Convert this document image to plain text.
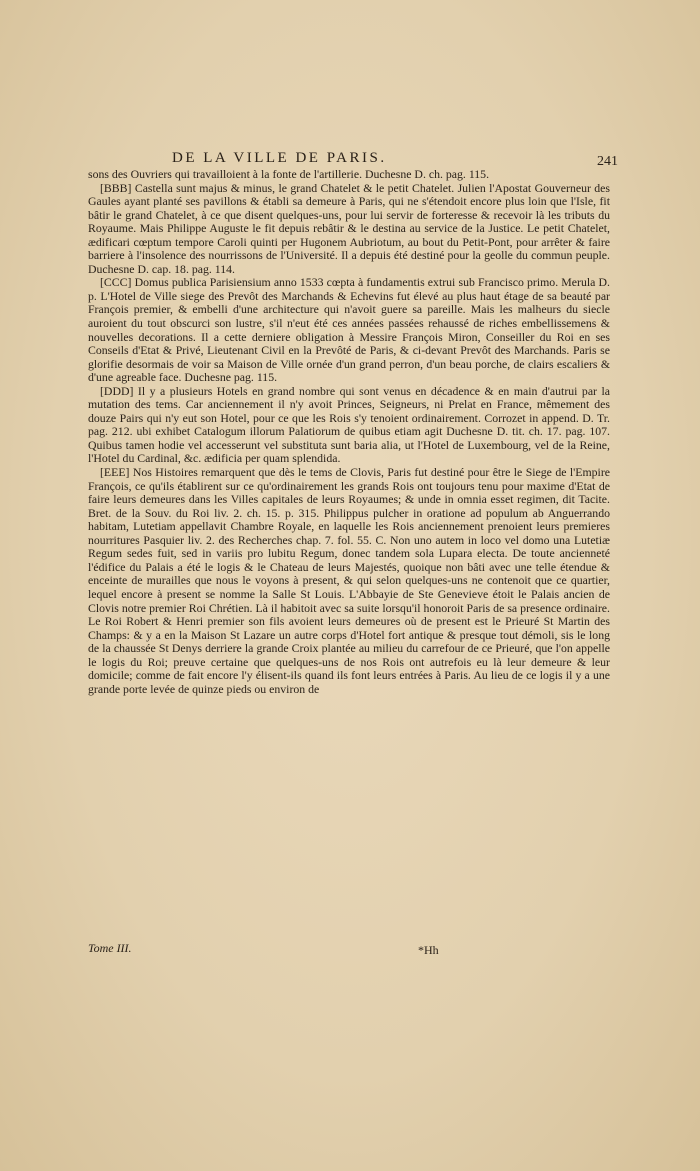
DE LA VILLE DE PARIS.	241

sons des Ouvriers qui travailloient à la fonte de l'artillerie. Duchesne D. ch. pag. 115.

[BBB] Castella sunt majus & minus, le grand Chatelet & le petit Chatelet. Julien l'Apostat Gouverneur des Gaules ayant planté ses pavillons & établi sa demeure à Paris, qui ne s'étendoit encore plus loin que l'Isle, fit bâtir le grand Chatelet, à ce que disent quelques-uns, pour lui servir de forteresse & recevoir là les tributs du Royaume. Mais Philippe Auguste le fit depuis rebâtir & le destina au service de la Justice. Le petit Chatelet, ædificari cœptum tempore Caroli quinti per Hugonem Aubriotum, au bout du Petit-Pont, pour arrêter & faire barriere à l'insolence des nourrissons de l'Université. Il a depuis été destiné pour la geolle du commun peuple. Duchesne D. cap. 18. pag. 114.

[CCC] Domus publica Parisiensium anno 1533 cœpta à fundamentis extrui sub Francisco primo. Merula D. p. L'Hotel de Ville siege des Prevôt des Marchands & Echevins fut élevé au plus haut étage de sa beauté par François premier, & embelli d'une architecture qui n'avoit guere sa pareille. Mais les malheurs du siecle auroient du tout obscurci son lustre, s'il n'eut été ces années passées rehaussé de riches embellissemens & nouvelles decorations. Il a cette derniere obligation à Messire François Miron, Conseiller du Roi en ses Conseils d'Etat & Privé, Lieutenant Civil en la Prevôté de Paris, & ci-devant Prevôt des Marchands. Paris se glorifie desormais de voir sa Maison de Ville ornée d'un grand perron, d'un beau porche, de clairs escaliers & d'une agreable face. Duchesne pag. 115.

[DDD] Il y a plusieurs Hotels en grand nombre qui sont venus en décadence & en main d'autrui par la mutation des tems. Car anciennement il n'y avoit Princes, Seigneurs, ni Prelat en France, mêmement des douze Pairs qui n'y eut son Hotel, pour ce que les Rois s'y tenoient ordinairement. Corrozet in append. D. Tr. pag. 212. ubi exhibet Catalogum illorum Palatiorum de quibus etiam agit Duchesne D. tit. ch. 17. pag. 107. Quibus tamen hodie vel accesserunt vel substituta sunt baria alia, ut l'Hotel de Luxembourg, vel de la Reine, l'Hotel du Cardinal, &c. ædificia per quam splendida.

[EEE] Nos Histoires remarquent que dès le tems de Clovis, Paris fut destiné pour être le Siege de l'Empire François, ce qu'ils établirent sur ce qu'ordinairement les grands Rois ont toujours tenu pour maxime d'Etat de faire leurs demeures dans les Villes capitales de leurs Royaumes; & unde in omnia esset regimen, dit Tacite. Bret. de la Souv. du Roi liv. 2. ch. 15. p. 315. Philippus pulcher in oratione ad populum ab Anguerrando habitam, Lutetiam appellavit Chambre Royale, en laquelle les Rois anciennement prenoient leurs premieres nourritures Pasquier liv. 2. des Recherches chap. 7. fol. 55. C. Non uno autem in loco vel domo una Lutetiæ Regum sedes fuit, sed in variis pro lubitu Regum, donec tandem sola Lupara electa. De toute ancienneté l'édifice du Palais a été le logis & le Chateau de leurs Majestés, quoique non bâti avec une telle étendue & enceinte de murailles que nous le voyons à present, & qui selon quelques-uns ne contenoit que ce quartier, lequel encore à present se nomme la Salle St Louis. L'Abbayie de Ste Genevieve étoit le Palais ancien de Clovis notre premier Roi Chrétien. Là il habitoit avec sa suite lorsqu'il honoroit Paris de sa presence ordinaire. Le Roi Robert & Henri premier son fils avoient leurs demeures où de present est le Prieuré St Martin des Champs: & y a en la Maison St Lazare un autre corps d'Hotel fort antique & presque tout démoli, sis le long de la chaussée St Denys derriere la grande Croix plantée au milieu du carrefour de ce Prieuré, que l'on appelle le logis du Roi; preuve certaine que quelques-uns de nos Rois ont autrefois eu là leur demeure & leur domicile; comme de fait encore l'y élisent-ils quand ils font leurs entrées à Paris. Au lieu de ce logis il y a une grande porte levée de quinze pieds ou environ de

Tome III.	*Hh
